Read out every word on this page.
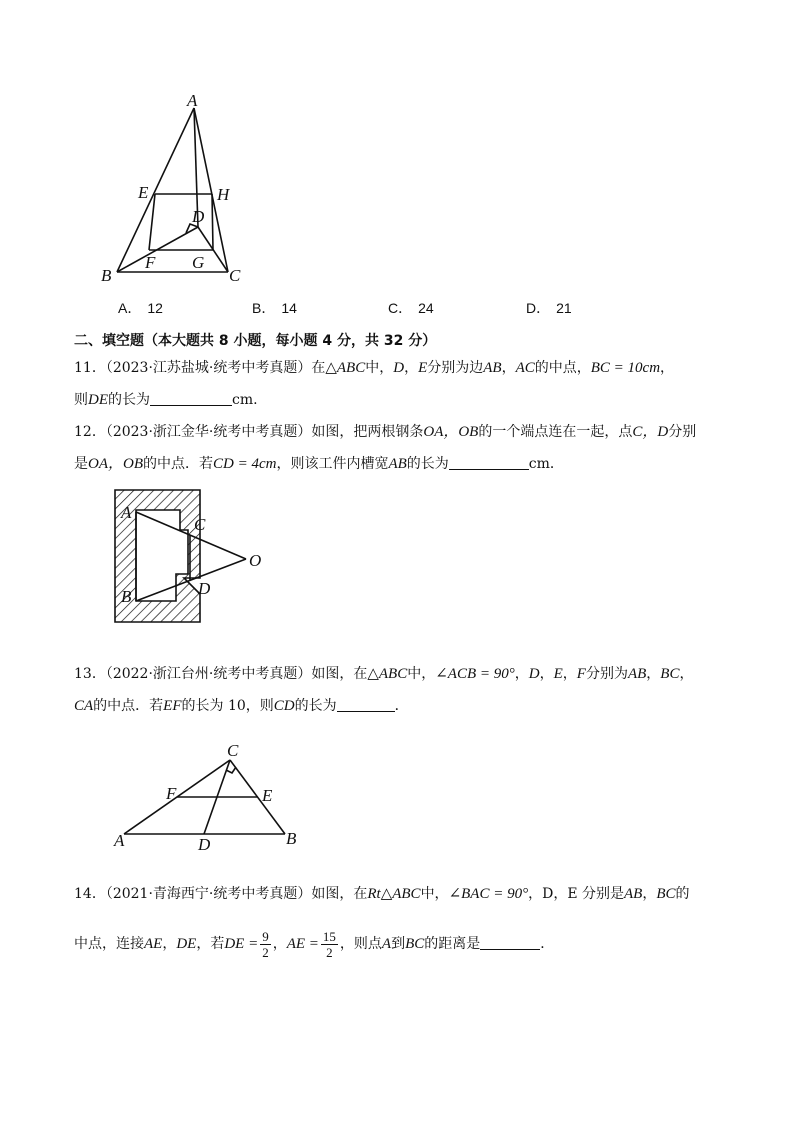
A
E	H
D
B
F G
C
A． 12	B． 14	C． 24	D． 21
二、填空题（本大题共 8 小题，每小题 4 分，共 32 分）
11．（2023·江苏盐城·统考中考真题）在△ABC中，D，E分别为边AB，AC的中点，BC = 10cm，
则DE的长为	cm.
12．（2023·浙江金华·统考中考真题）如图，把两根钢条OA，OB的一个端点连在一起，点C，D分别
是OA，OB的中点．若CD = 4cm，则该工件内槽宽AB的长为	cm．
A
C
O
D
B
13．（2022·浙江台州·统考中考真题）如图，在△ABC中，∠ACB = 90°，D，E，F分别为AB，BC，
CA的中点．若EF的长为 10，则CD的长为	．
C
F	E
A	D	B
14．（2021·青海西宁·统考中考真题）如图，在Rt△ABC中，∠BAC = 90°，D，E 分别是AB，BC的
中点，连接AE，DE，若DE = $\frac{9}{2}$ ，AE = $\frac{15}{2}$ ，则点A到BC的距离是	．
